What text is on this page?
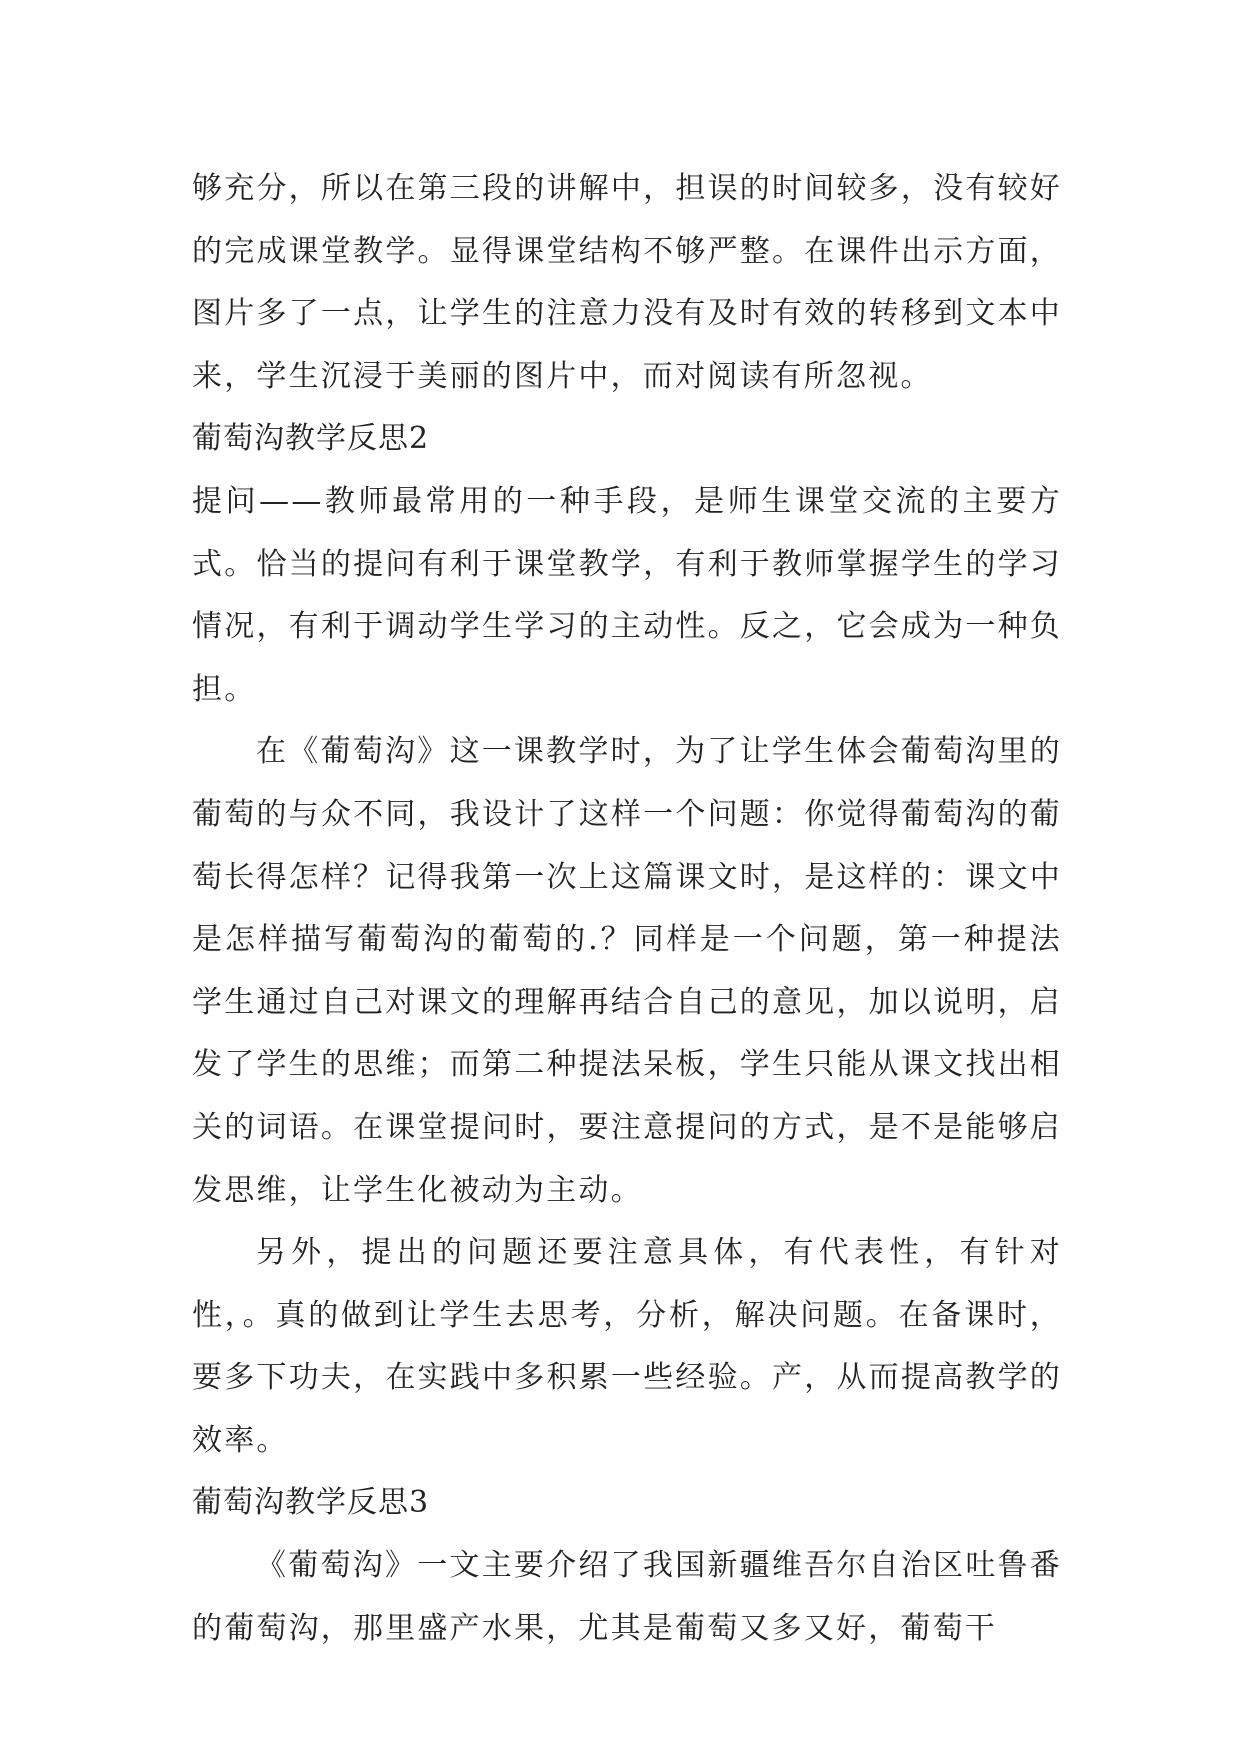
够充分，所以在第三段的讲解中，担误的时间较多，没有较好的完成课堂教学。显得课堂结构不够严整。在课件出示方面，图片多了一点，让学生的注意力没有及时有效的转移到文本中来，学生沉浸于美丽的图片中，而对阅读有所忽视。

葡萄沟教学反思2

提问——教师最常用的一种手段，是师生课堂交流的主要方式。恰当的提问有利于课堂教学，有利于教师掌握学生的学习情况，有利于调动学生学习的主动性。反之，它会成为一种负担。

在《葡萄沟》这一课教学时，为了让学生体会葡萄沟里的葡萄的与众不同，我设计了这样一个问题：你觉得葡萄沟的葡萄长得怎样？记得我第一次上这篇课文时，是这样的：课文中是怎样描写葡萄沟的葡萄的.？同样是一个问题，第一种提法学生通过自己对课文的理解再结合自己的意见，加以说明，启发了学生的思维；而第二种提法呆板，学生只能从课文找出相关的词语。在课堂提问时，要注意提问的方式，是不是能够启发思维，让学生化被动为主动。

另外，提出的问题还要注意具体，有代表性，有针对性，。真的做到让学生去思考，分析，解决问题。在备课时，要多下功夫，在实践中多积累一些经验。产，从而提高教学的效率。

葡萄沟教学反思3

《葡萄沟》一文主要介绍了我国新疆维吾尔自治区吐鲁番的葡萄沟，那里盛产水果，尤其是葡萄又多又好，葡萄干
